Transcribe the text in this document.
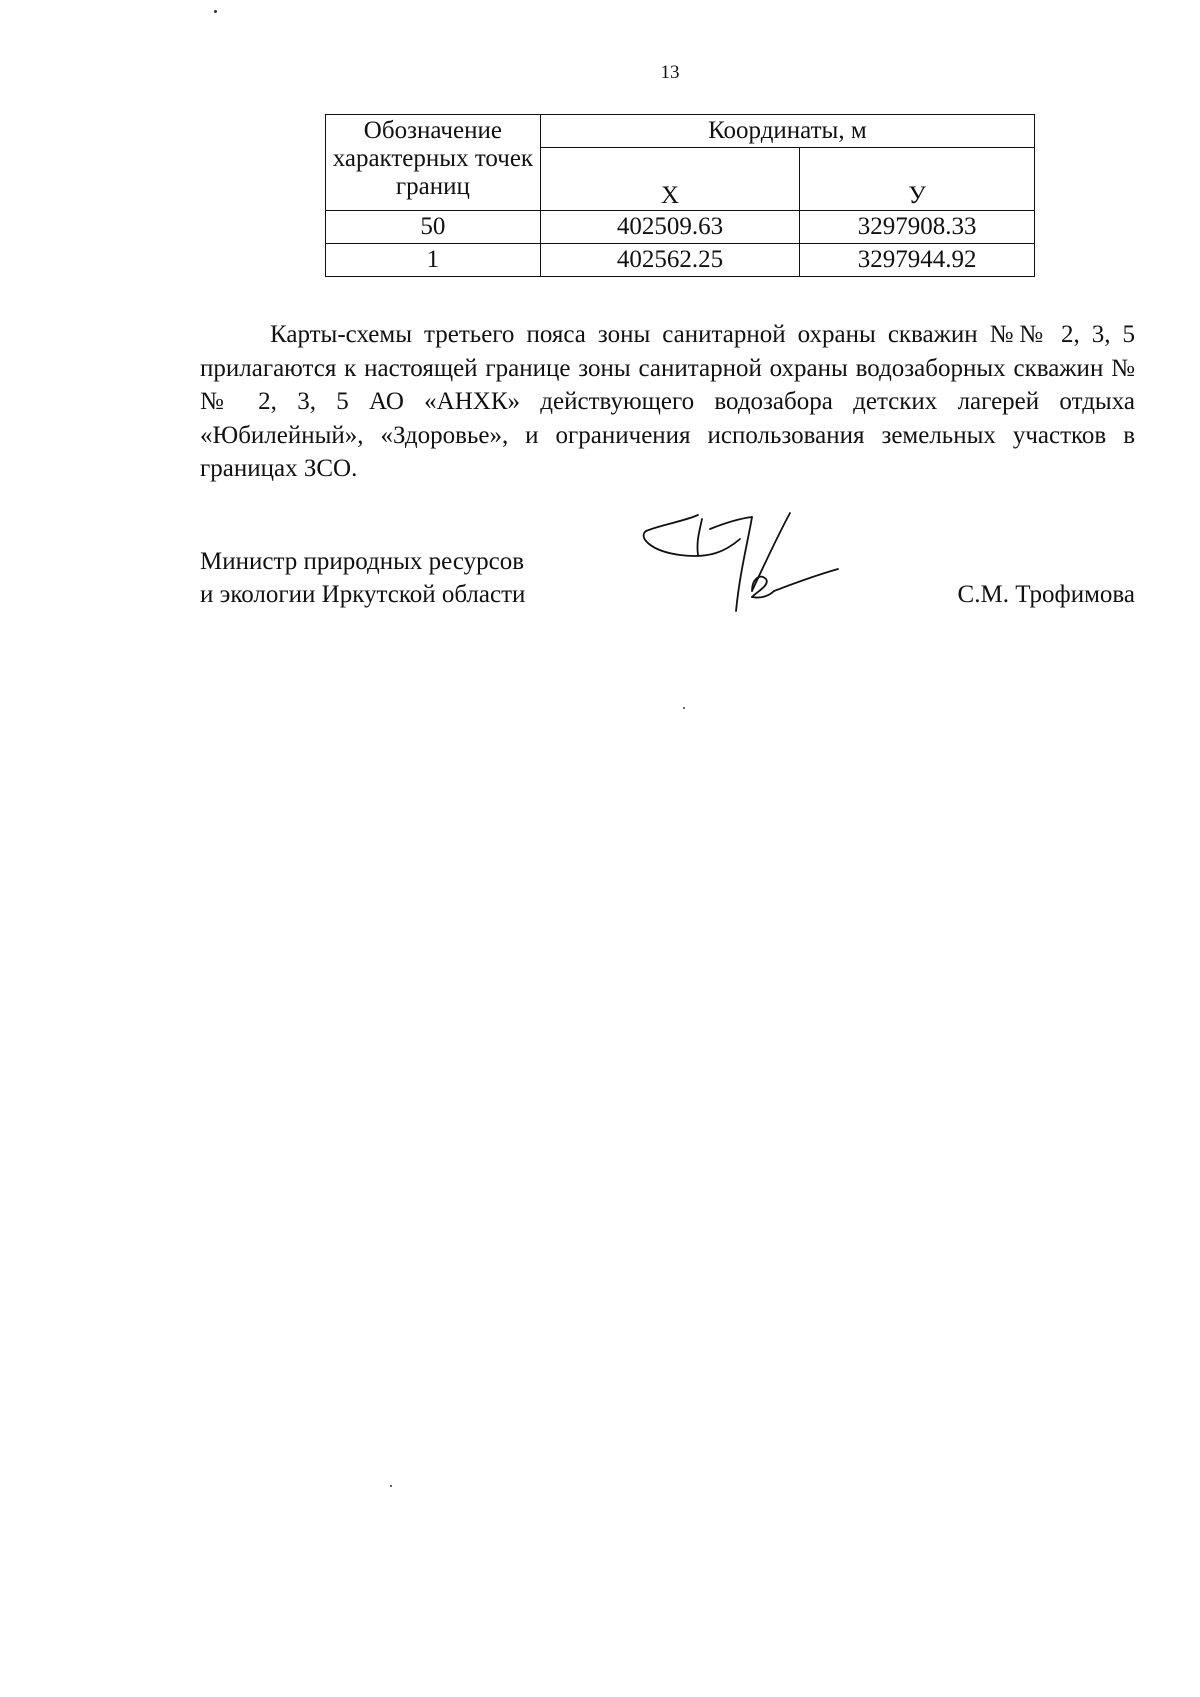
13
Обозначение характерных точек границ	Координаты, м	
	Х	У
50	402509.63	3297908.33
1	402562.25	3297944.92

Карты-схемы третьего пояса зоны санитарной охраны скважин №№ 2, 3, 5 прилагаются к настоящей границе зоны санитарной охраны водозаборных скважин №№ 2, 3, 5 АО «АНХК» действующего водозабора детских лагерей отдыха «Юбилейный», «Здоровье», и ограничения использования земельных участков в границах ЗСО.

Министр природных ресурсов
и экологии Иркутской области	С.М. Трофимова
